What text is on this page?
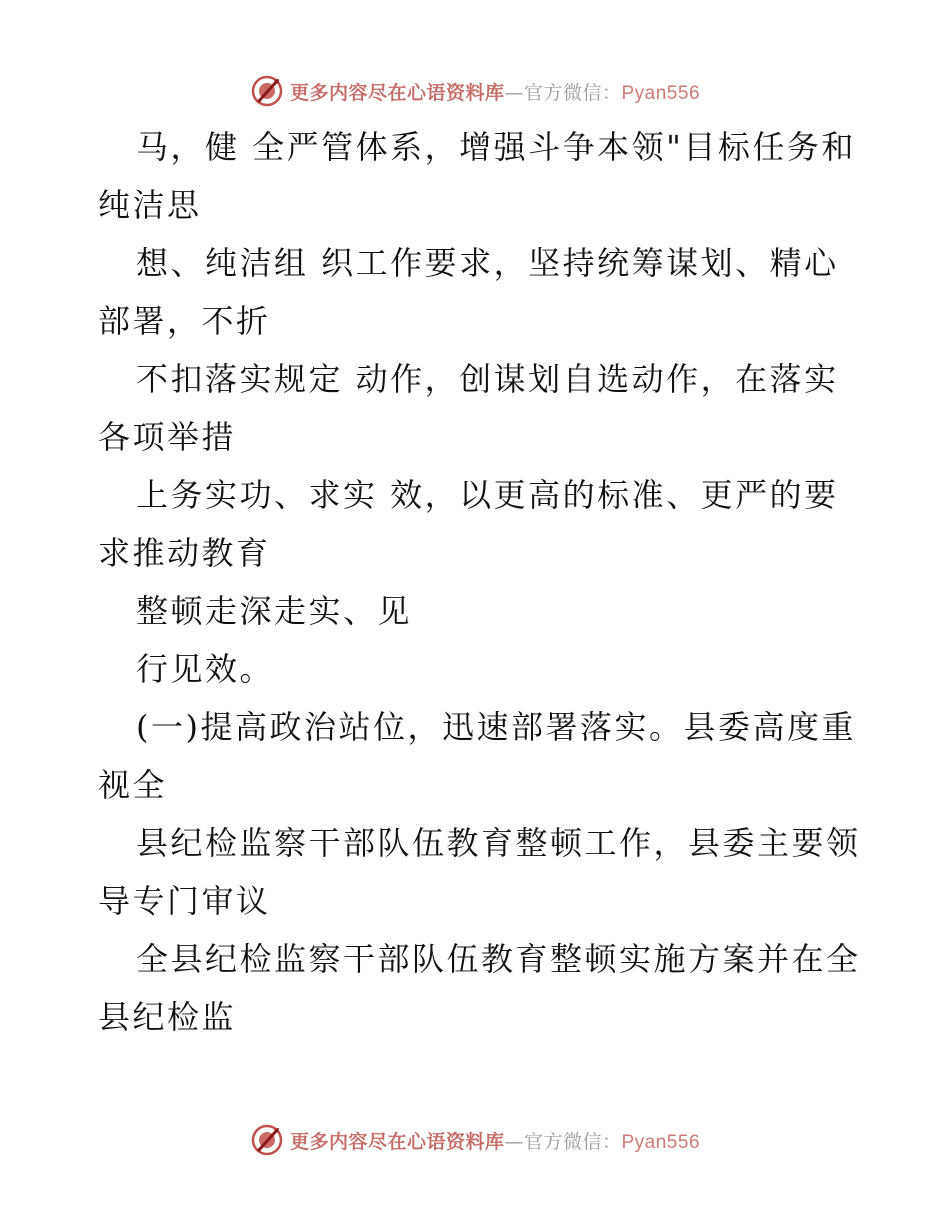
更多内容尽在心语资料库—官方微信：Pyan556
马，健 全严管体系，增强斗争本领"目标任务和
纯洁思
想、纯洁组 织工作要求，坚持统筹谋划、精心
部署，不折
不扣落实规定 动作，创谋划自选动作，在落实
各项举措
上务实功、求实 效，以更高的标准、更严的要
求推动教育
整顿走深走实、见
行见效。
(一)提高政治站位，迅速部署落实。县委高度重
视全
县纪检监察干部队伍教育整顿工作，县委主要领
导专门审议
全县纪检监察干部队伍教育整顿实施方案并在全
县纪检监
更多内容尽在心语资料库—官方微信：Pyan556
